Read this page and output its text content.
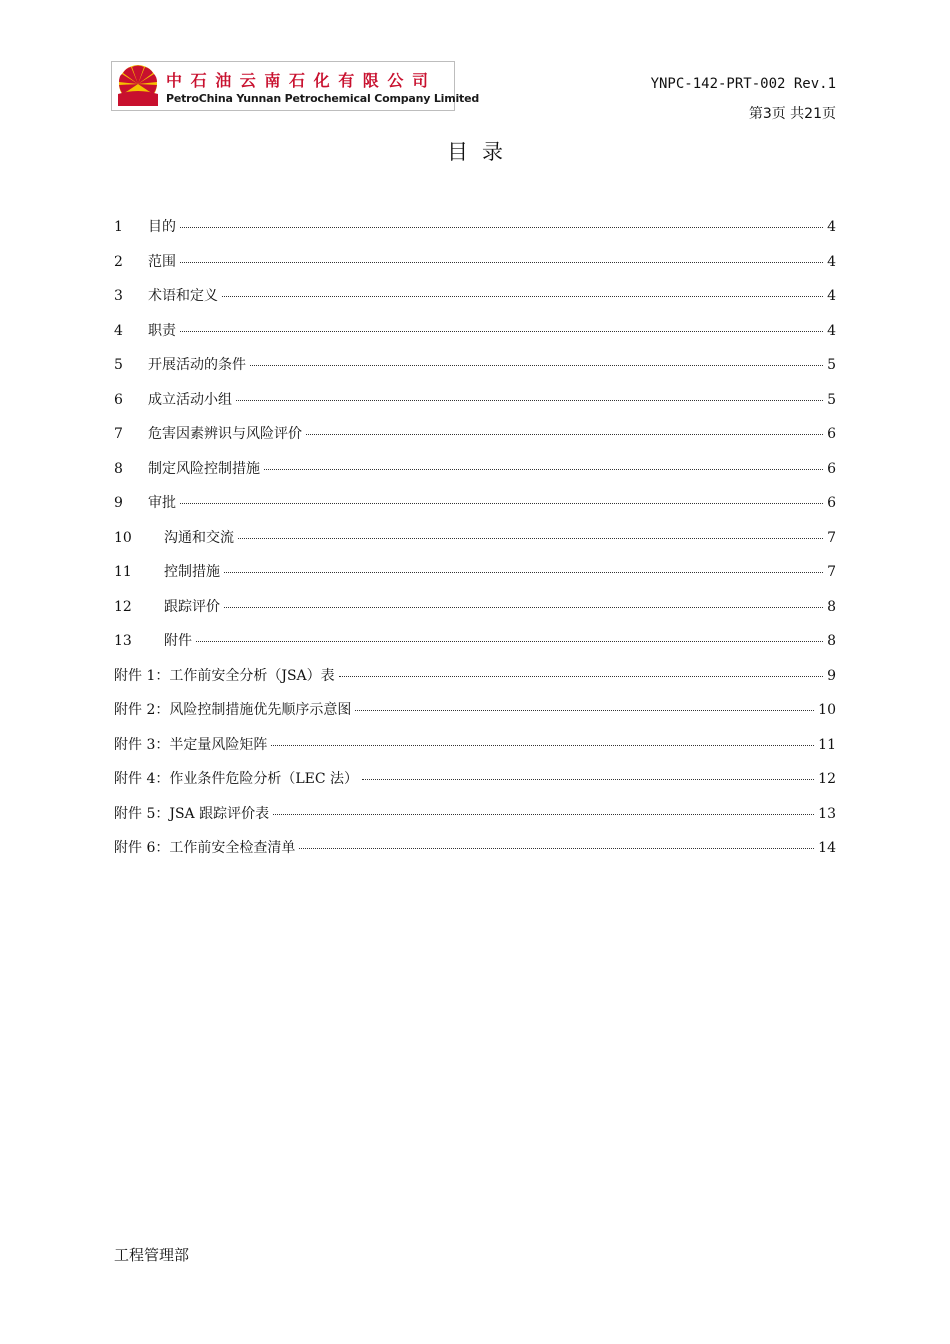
中石油云南石化有限公司
PetroChina Yunnan Petrochemical Company Limited
YNPC-142-PRT-002 Rev.1
第3页 共21页
目录
1	目的	4
2	范围	4
3	术语和定义	4
4	职责	4
5	开展活动的条件	5
6	成立活动小组	5
7	危害因素辨识与风险评价	6
8	制定风险控制措施	6
9	审批	6
10	沟通和交流	7
11	控制措施	7
12	跟踪评价	8
13	附件	8
附件 1：工作前安全分析（JSA）表	9
附件 2：风险控制措施优先顺序示意图	10
附件 3：半定量风险矩阵	11
附件 4：作业条件危险分析（LEC 法）	12
附件 5：JSA 跟踪评价表	13
附件 6：工作前安全检查清单	14
工程管理部
